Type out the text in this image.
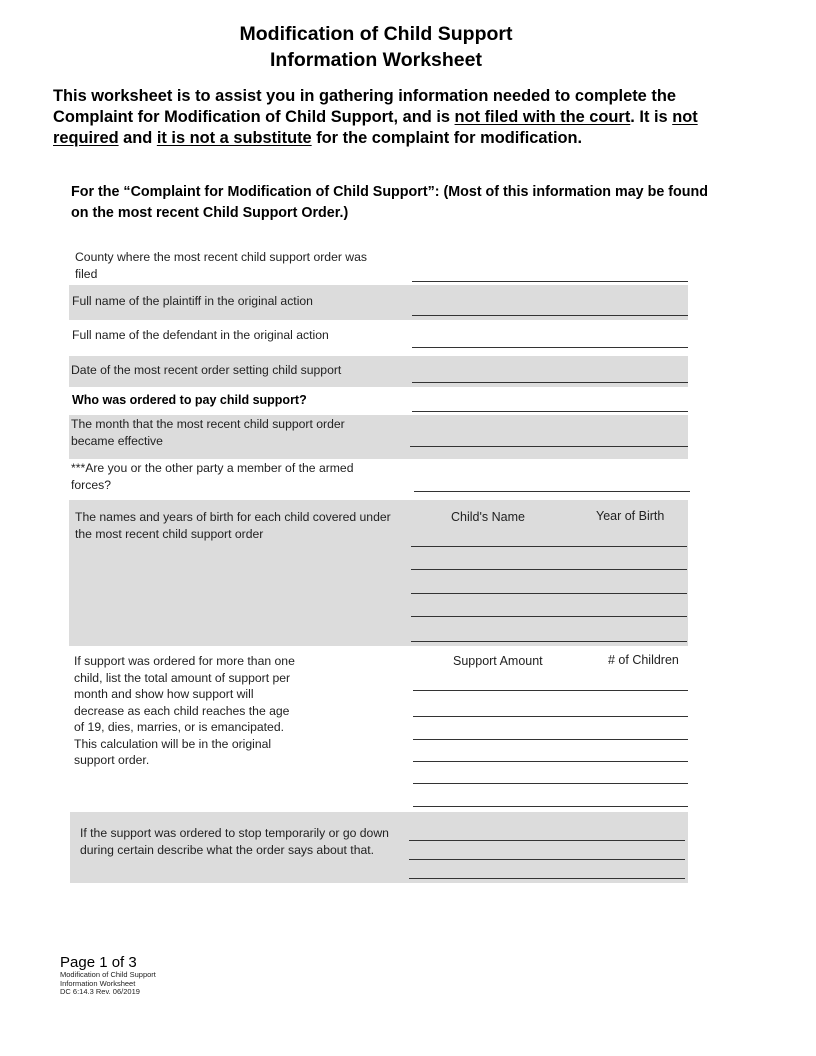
Modification of Child Support
Information Worksheet
This worksheet is to assist you in gathering information needed to complete the Complaint for Modification of Child Support, and is not filed with the court. It is not required and it is not a substitute for the complaint for modification.
For the “Complaint for Modification of Child Support”: (Most of this information may be found on the most recent Child Support Order.)
County where the most recent child support order was filed
Full name of the plaintiff in the original action
Full name of the defendant in the original action
Date of the most recent order setting child support
Who was ordered to pay child support?
The month that the most recent child support order became effective
***Are you or the other party a member of the armed forces?
The names and years of birth for each child covered under the most recent child support order
Child's Name	Year of Birth
If support was ordered for more than one child, list the total amount of support per month and show how support will decrease as each child reaches the age of 19, dies, marries, or is emancipated. This calculation will be in the original support order.
Support Amount	# of Children
If the support was ordered to stop temporarily or go down during certain describe what the order says about that.
Page 1 of 3
Modification of Child Support
Information Worksheet
DC 6:14.3 Rev. 06/2019
